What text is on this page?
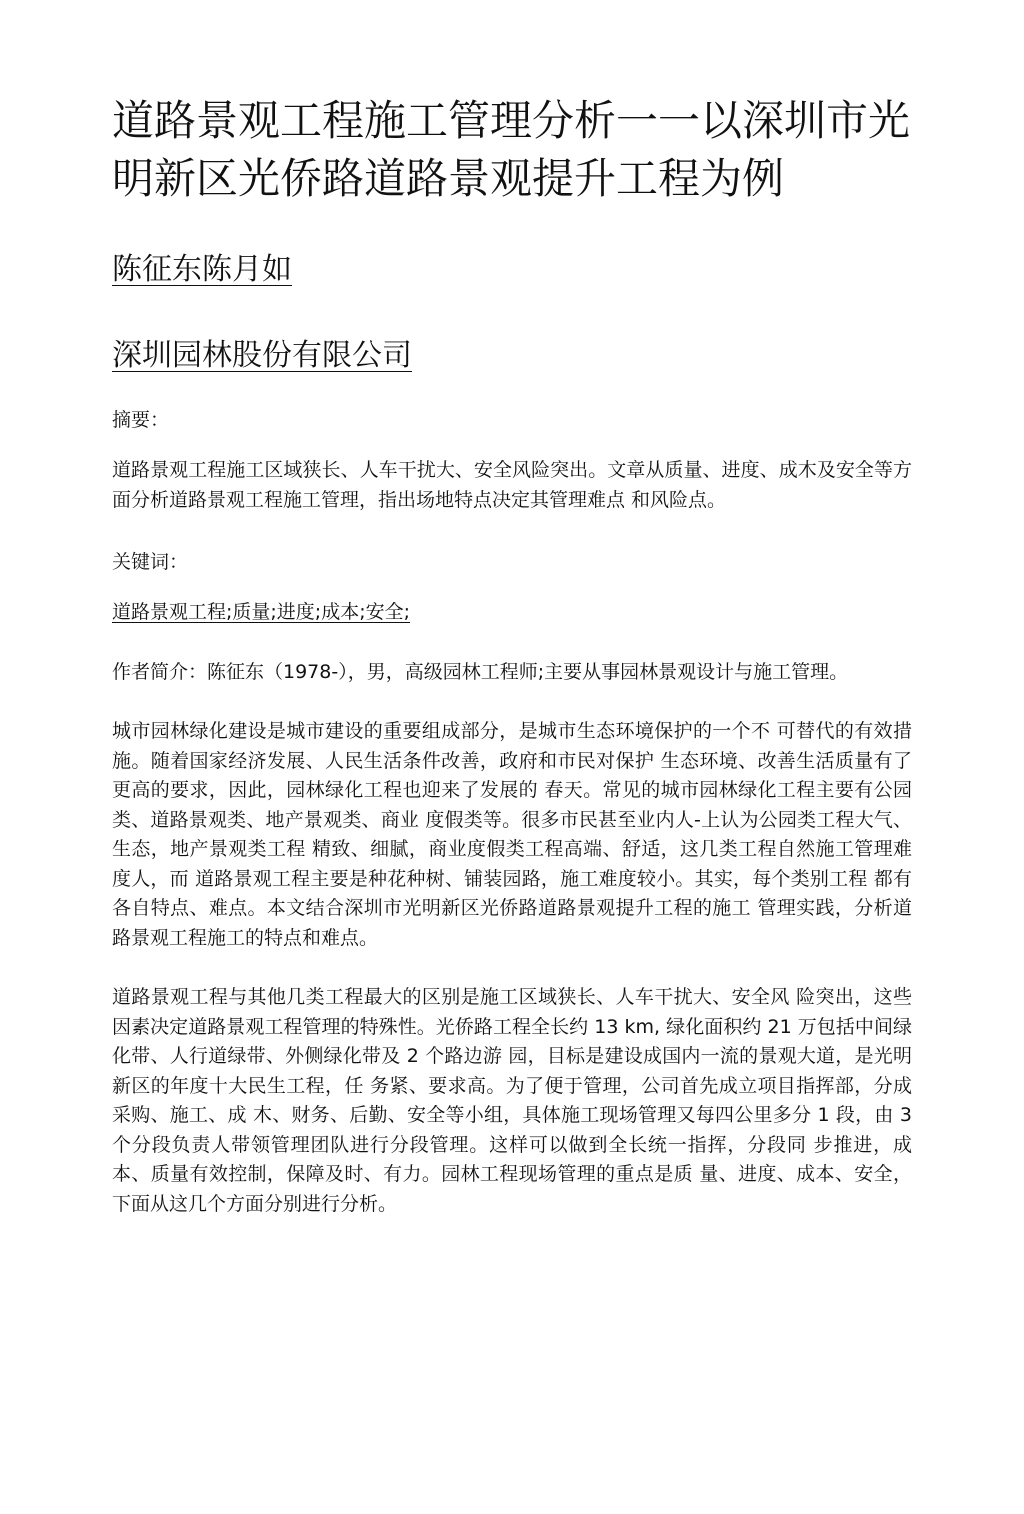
道路景观工程施工管理分析一一以深圳市光明新区光侨路道路景观提升工程为例
陈征东陈月如
深圳园林股份有限公司
摘要：

道路景观工程施工区域狭长、人车干扰大、安全风险突出。文章从质量、进度、成木及安全等方面分析道路景观工程施工管理，指出场地特点决定其管理难点 和风险点。

关键词：
道路景观工程;质量;进度;成本;安全;

作者简介：陈征东（1978-），男，高级园林工程师;主要从事园林景观设计与施工管理。

城市园林绿化建设是城市建设的重要组成部分，是城市生态环境保护的一个不 可替代的有效措施。随着国家经济发展、人民生活条件改善，政府和市民对保护 生态环境、改善生活质量有了更高的要求，因此，园林绿化工程也迎来了发展的 春天。常见的城市园林绿化工程主要有公园类、道路景观类、地产景观类、商业 度假类等。很多市民甚至业内人-上认为公园类工程大气、生态，地产景观类工程 精致、细腻，商业度假类工程高端、舒适，这几类工程自然施工管理难度人，而 道路景观工程主要是种花种树、铺装园路，施工难度较小。其实，每个类别工程 都有各自特点、难点。本文结合深圳市光明新区光侨路道路景观提升工程的施工 管理实践，分析道路景观工程施工的特点和难点。

道路景观工程与其他几类工程最大的区别是施工区域狭长、人车干扰大、安全风 险突出，这些因素决定道路景观工程管理的特殊性。光侨路工程全长约 13 km, 绿化面积约 21 万包括中间绿化带、人行道绿带、外侧绿化带及 2 个路边游 园，目标是建设成国内一流的景观大道，是光明新区的年度十大民生工程，任 务紧、要求高。为了便于管理，公司首先成立项目指挥部，分成采购、施工、成 木、财务、后勤、安全等小组，具体施工现场管理又每四公里多分 1 段，由 3 个分段负责人带领管理团队进行分段管理。这样可以做到全长统一指挥，分段同 步推进，成本、质量有效控制，保障及时、有力。园林工程现场管理的重点是质 量、进度、成本、安全，下面从这几个方面分别进行分析。
